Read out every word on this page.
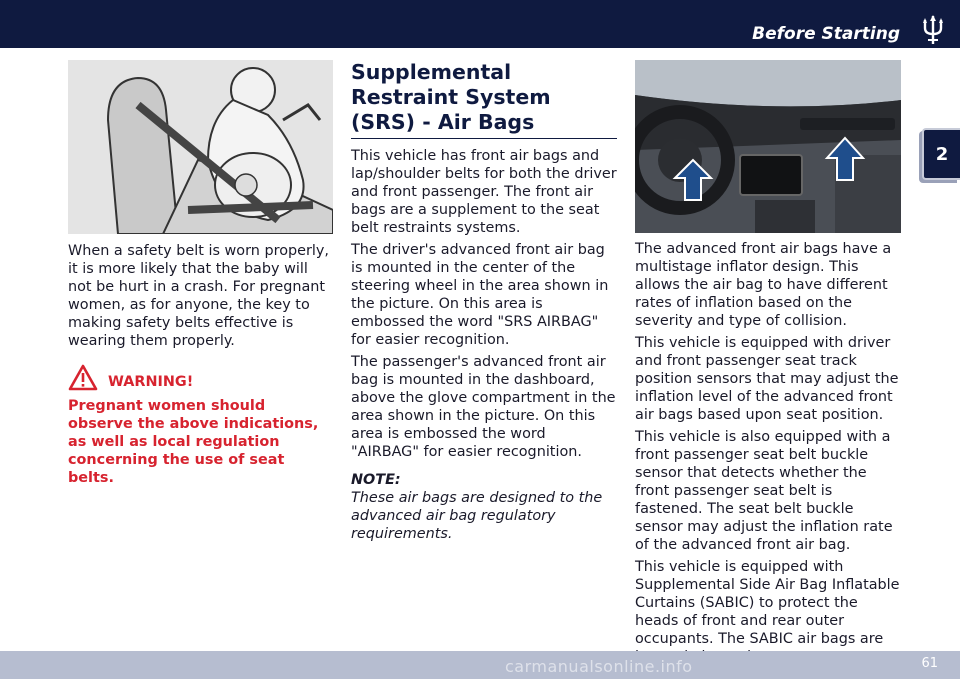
Before Starting
2

When a safety belt is worn properly, it is more likely that the baby will not be hurt in a crash. For pregnant women, as for anyone, the key to making safety belts effective is wearing them properly.

WARNING!

Pregnant women should observe the above indications, as well as local regulation concerning the use of seat belts.

Supplemental Restraint System (SRS) - Air Bags

This vehicle has front air bags and lap/shoulder belts for both the driver and front passenger. The front air bags are a supplement to the seat belt restraints systems.

The driver's advanced front air bag is mounted in the center of the steering wheel in the area shown in the picture. On this area is embossed the word "SRS AIRBAG" for easier recognition.

The passenger's advanced front air bag is mounted in the dashboard, above the glove compartment in the area shown in the picture. On this area is embossed the word "AIRBAG" for easier recognition.

NOTE:

These air bags are designed to the advanced air bag regulatory requirements.

The advanced front air bags have a multistage inflator design. This allows the air bag to have different rates of inflation based on the severity and type of collision.

This vehicle is equipped with driver and front passenger seat track position sensors that may adjust the inflation level of the advanced front air bags based upon seat position.

This vehicle is also equipped with a front passenger seat belt buckle sensor that detects whether the front passenger seat belt is fastened. The seat belt buckle sensor may adjust the inflation rate of the advanced front air bag.

This vehicle is equipped with Supplemental Side Air Bag Inflatable Curtains (SABIC) to protect the heads of front and rear outer occupants. The SABIC air bags are

61
carmanualsonline.info
